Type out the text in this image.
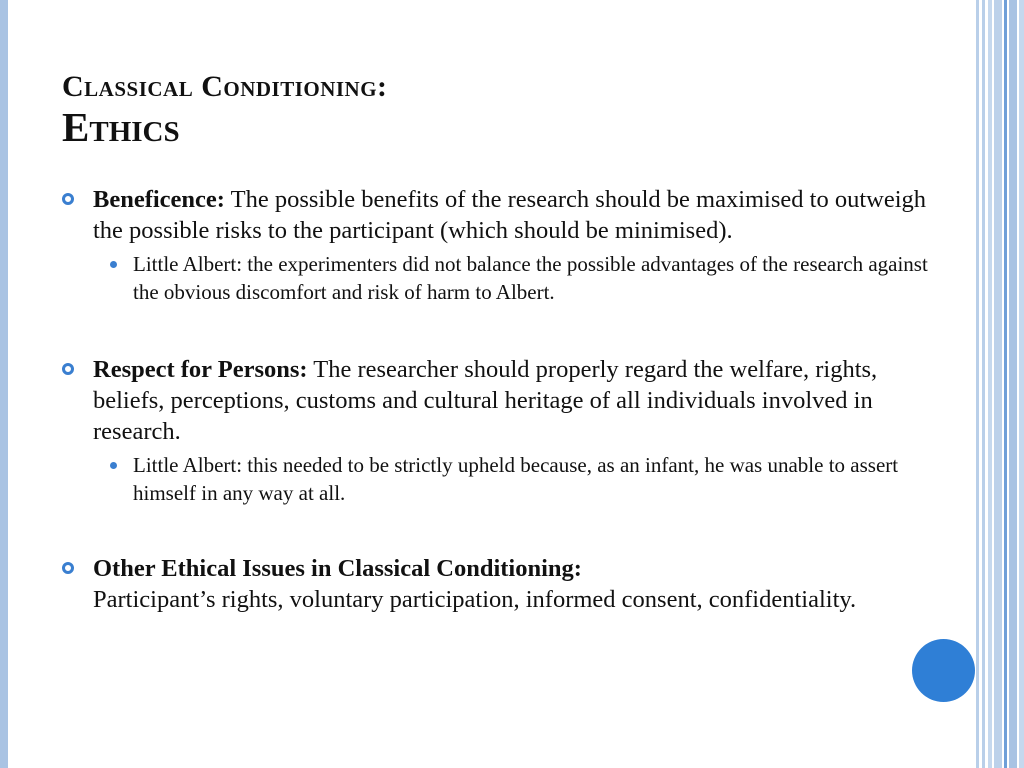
Classical Conditioning:
Ethics
Beneficence: The possible benefits of the research should be maximised to outweigh the possible risks to the participant (which should be minimised).
Little Albert: the experimenters did not balance the possible advantages of the research against the obvious discomfort and risk of harm to Albert.
Respect for Persons: The researcher should properly regard the welfare, rights, beliefs, perceptions, customs and cultural heritage of all individuals involved in research.
Little Albert: this needed to be strictly upheld because, as an infant, he was unable to assert himself in any way at all.
Other Ethical Issues in Classical Conditioning:
Participant’s rights, voluntary participation, informed consent, confidentiality.
